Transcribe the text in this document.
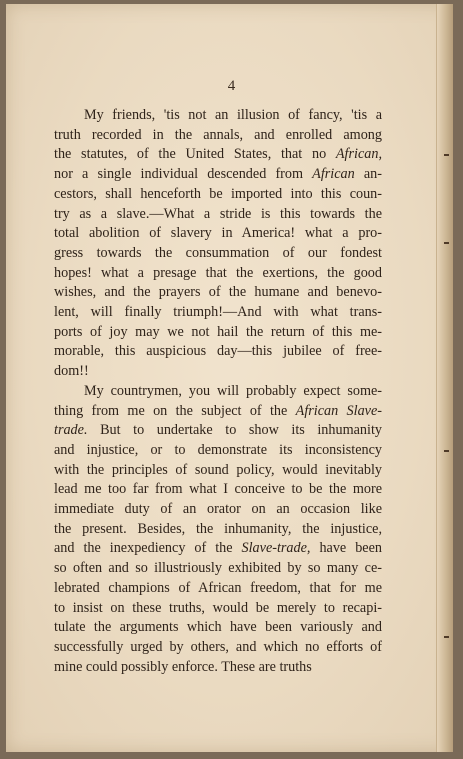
4
My friends, 'tis not an illusion of fancy, 'tis a
truth recorded in the annals, and enrolled among
the statutes, of the United States, that no African,
nor a single individual descended from African an-
cestors, shall henceforth be imported into this coun-
try as a slave.—What a stride is this towards the
total abolition of slavery in America! what a pro-
gress towards the consummation of our fondest
hopes! what a presage that the exertions, the good
wishes, and the prayers of the humane and benevo-
lent, will finally triumph!—And with what trans-
ports of joy may we not hail the return of this me-
morable, this auspicious day—this jubilee of free-
dom!!
My countrymen, you will probably expect some-
thing from me on the subject of the African Slave-
trade. But to undertake to show its inhumanity
and injustice, or to demonstrate its inconsistency
with the principles of sound policy, would inevitably
lead me too far from what I conceive to be the more
immediate duty of an orator on an occasion like
the present. Besides, the inhumanity, the injustice,
and the inexpediency of the Slave-trade, have been
so often and so illustriously exhibited by so many ce-
lebrated champions of African freedom, that for me
to insist on these truths, would be merely to recapi-
tulate the arguments which have been variously and
successfully urged by others, and which no efforts of
mine could possibly enforce. These are truths
